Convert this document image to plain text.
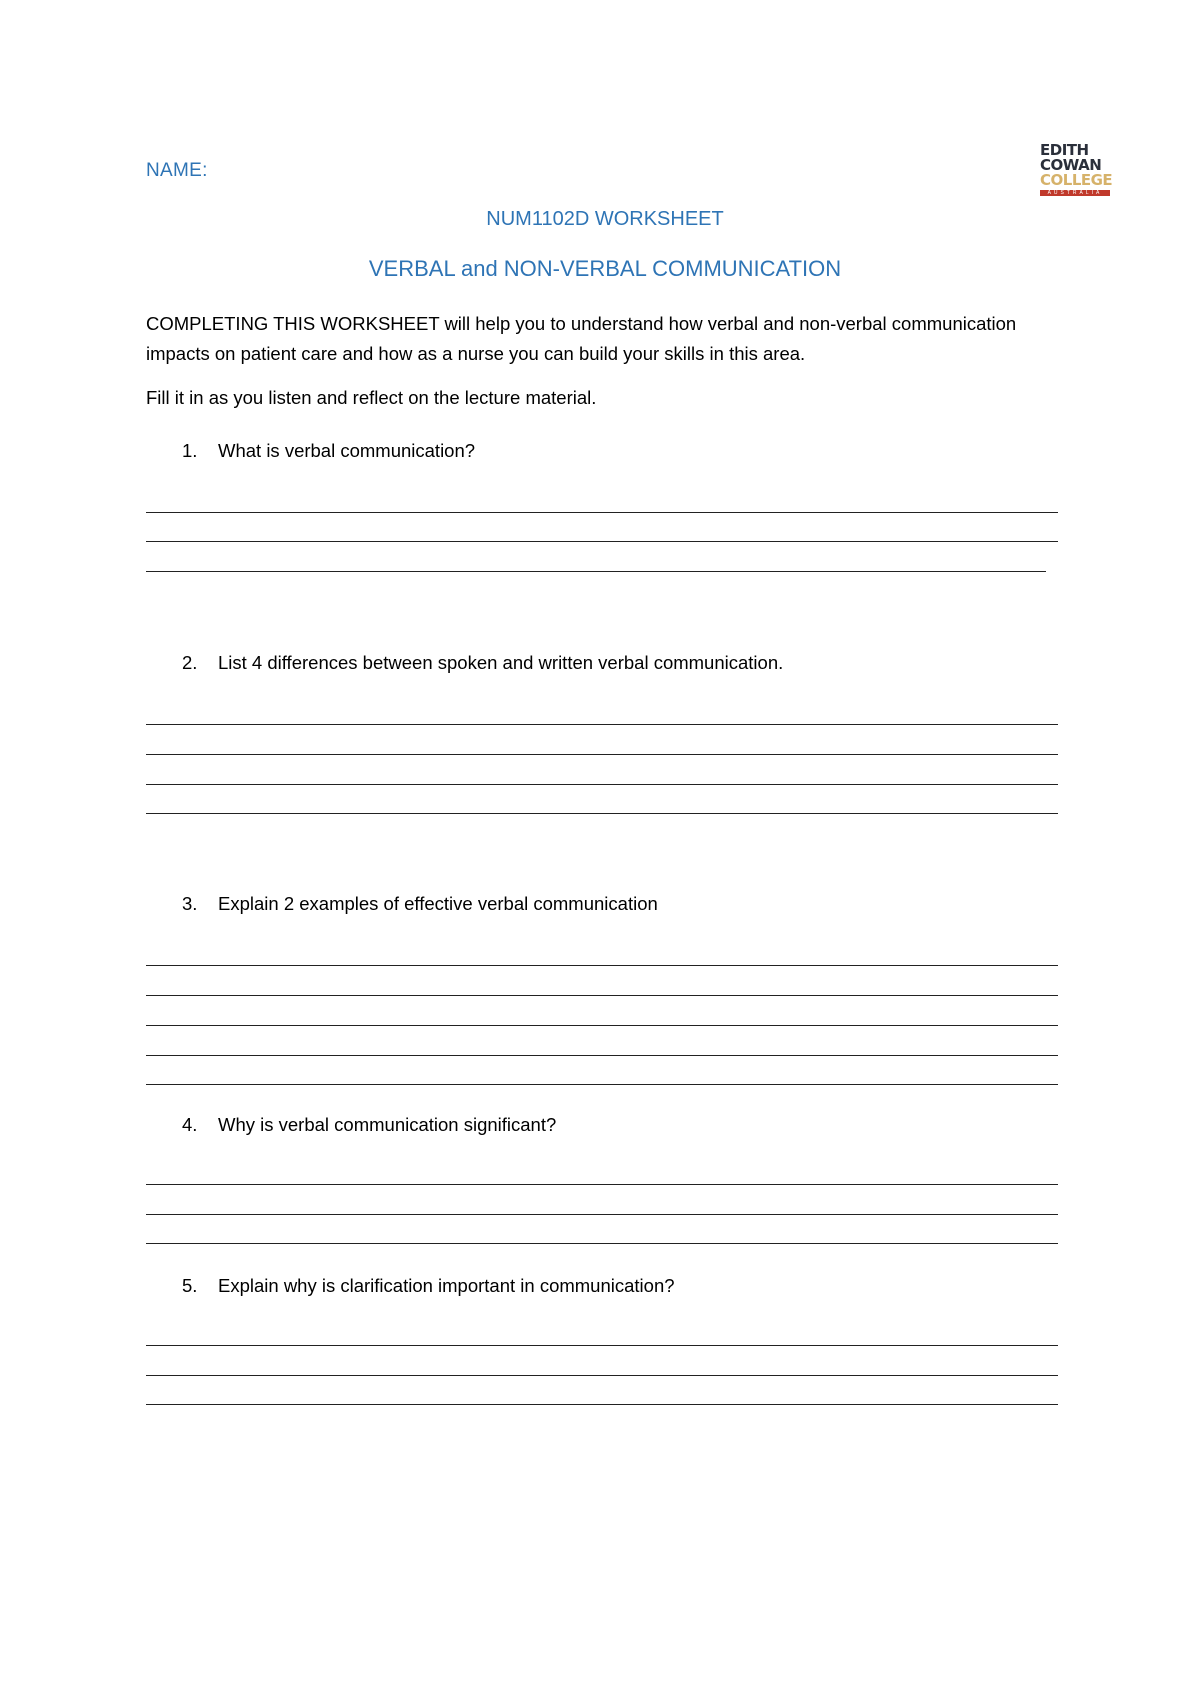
NAME:
EDITH
COWAN
COLLEGE
AUSTRALIA
NUM1102D WORKSHEET
VERBAL and NON-VERBAL COMMUNICATION
COMPLETING THIS WORKSHEET will help you to understand how verbal and non-verbal communication impacts on patient care and how as a nurse you can build your skills in this area.
Fill it in as you listen and reflect on the lecture material.
1. What is verbal communication?
2. List 4 differences between spoken and written verbal communication.
3. Explain 2 examples of effective verbal communication
4. Why is verbal communication significant?
5. Explain why is clarification important in communication?
